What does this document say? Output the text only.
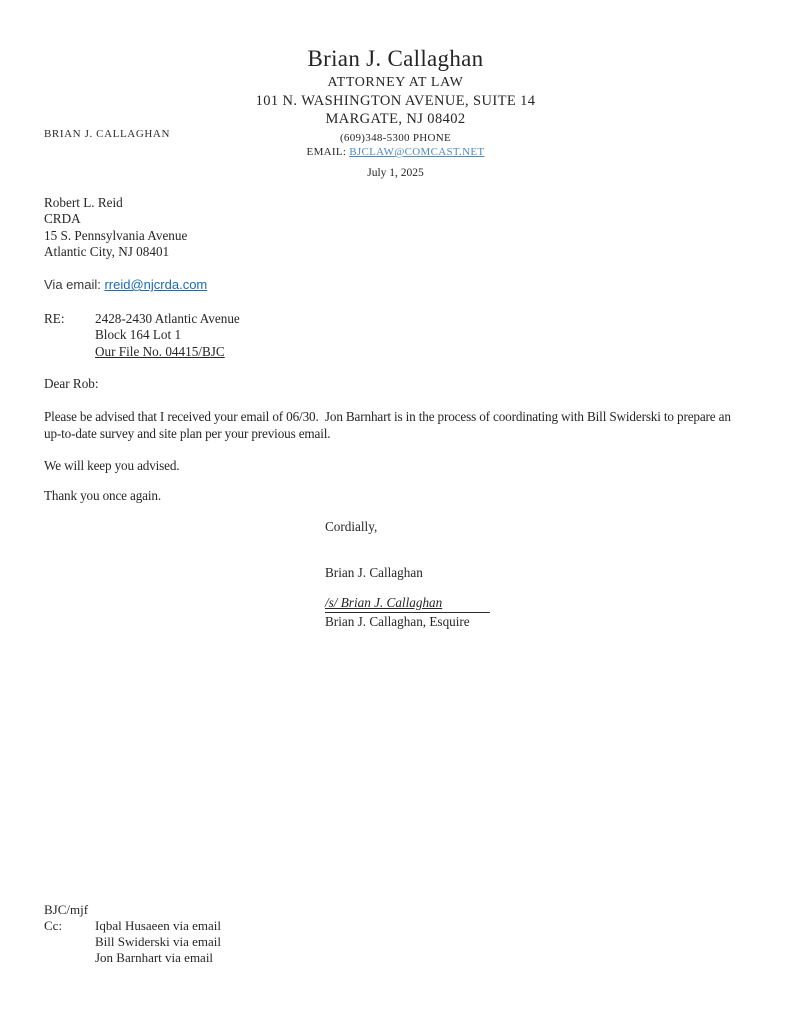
Brian J. Callaghan
ATTORNEY AT LAW
101 N. WASHINGTON AVENUE, SUITE 14
MARGATE, NJ 08402
(609)348-5300 PHONE
EMAIL: BJCLAW@COMCAST.NET
BRIAN J. CALLAGHAN
July 1, 2025
Robert L. Reid
CRDA
15 S. Pennsylvania Avenue
Atlantic City, NJ 08401
Via email: rreid@njcrda.com
RE:	2428-2430 Atlantic Avenue
Block 164 Lot 1
Our File No. 04415/BJC
Dear Rob:
Please be advised that I received your email of 06/30.  Jon Barnhart is in the process of coordinating with Bill Swiderski to prepare an up-to-date survey and site plan per your previous email.
We will keep you advised.
Thank you once again.
Cordially,
Brian J. Callaghan
/s/ Brian J. Callaghan
Brian J. Callaghan, Esquire
BJC/mjf
Cc:	Iqbal Husaeen via email
Bill Swiderski via email
Jon Barnhart via email
